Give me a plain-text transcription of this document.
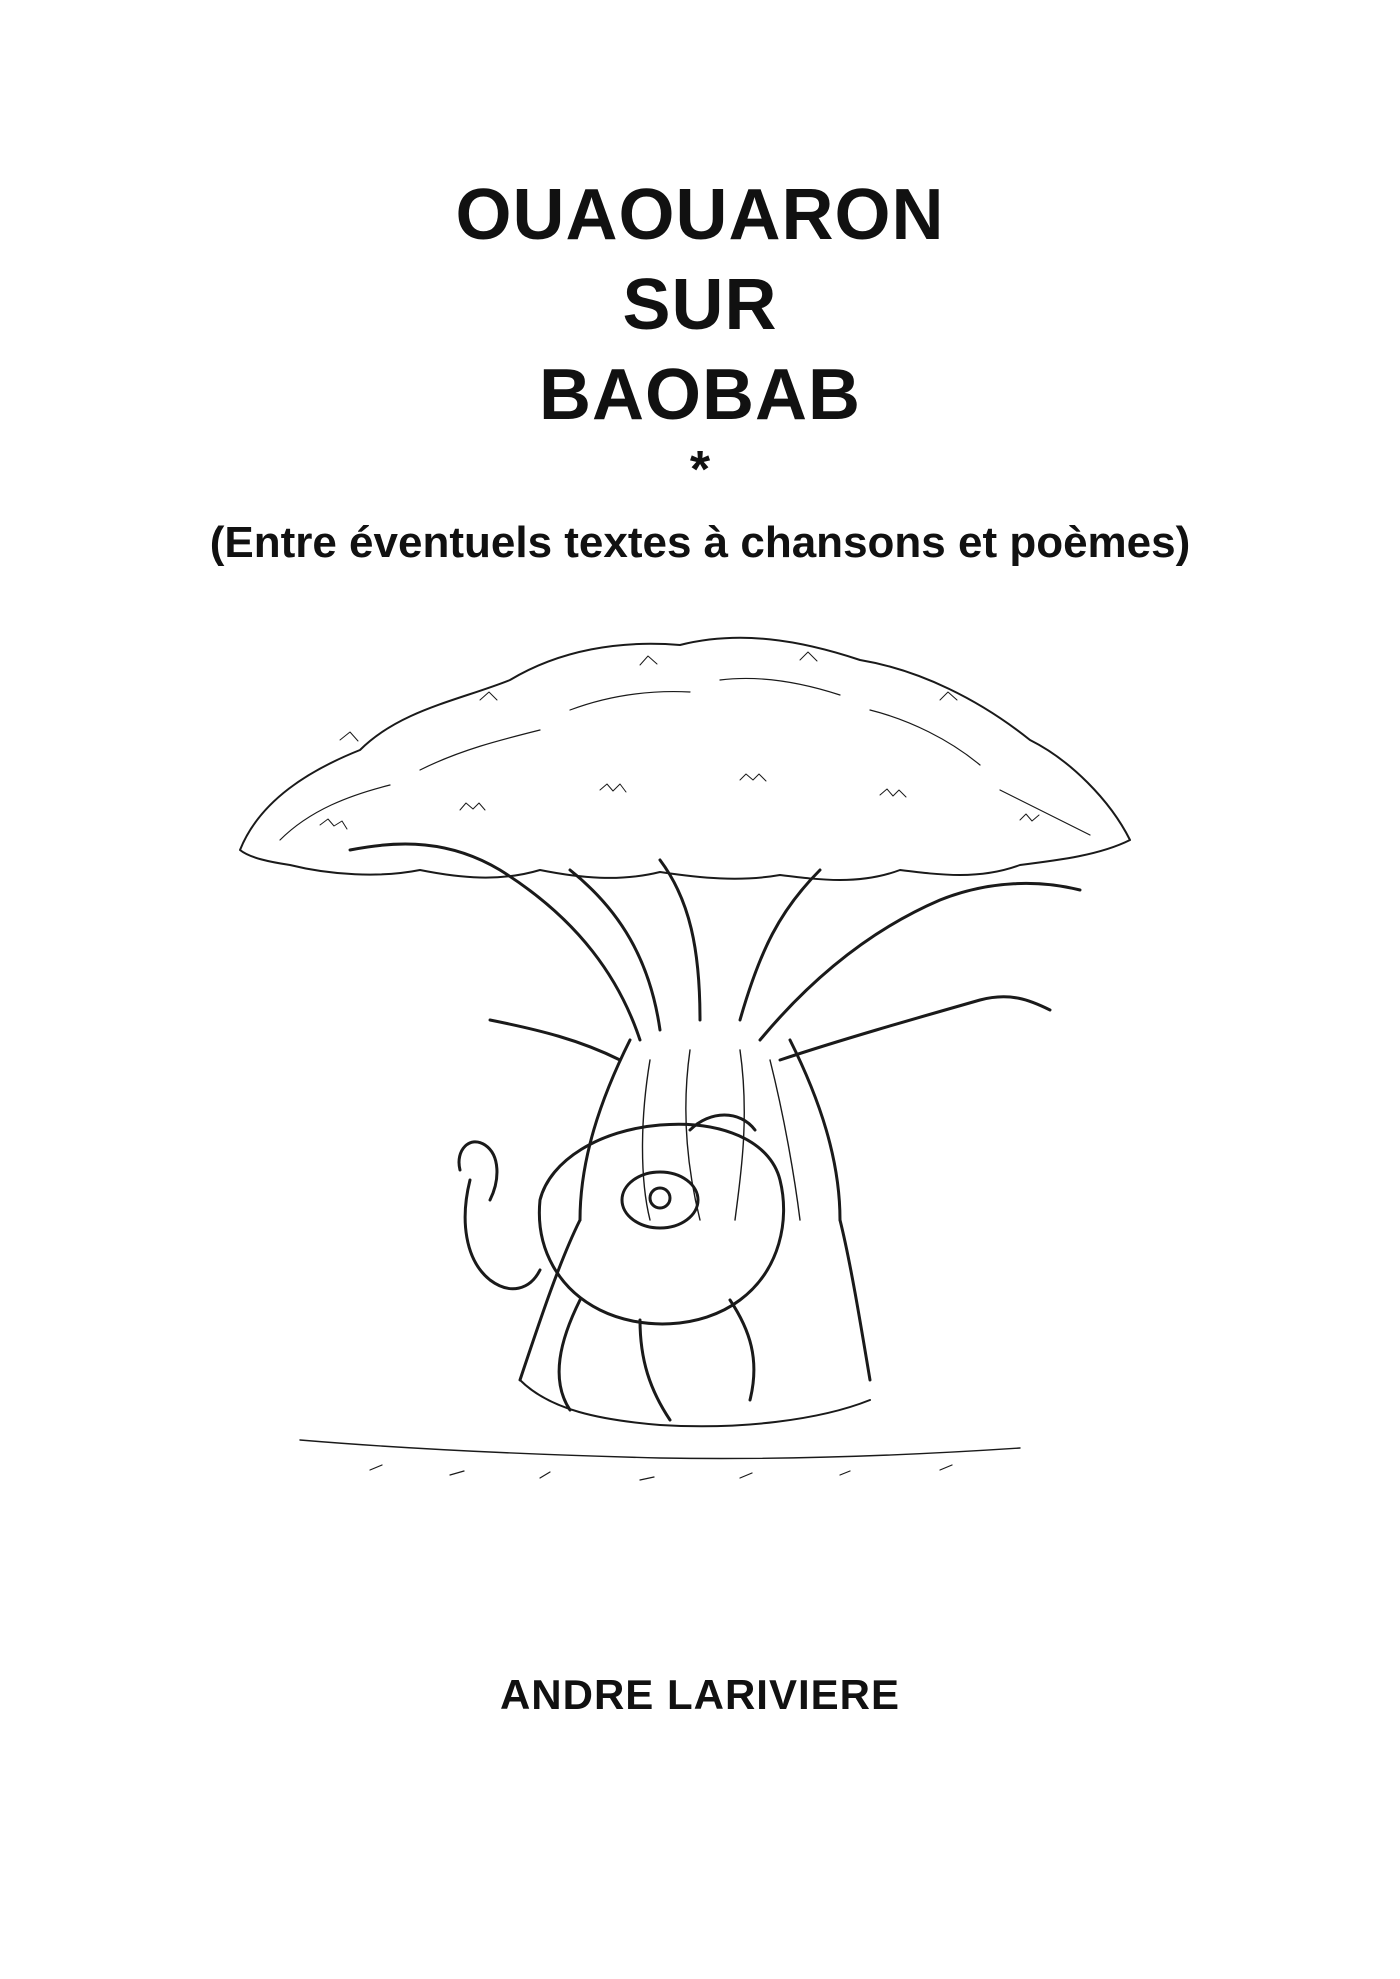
OUAOUARON
SUR
BAOBAB
*
(Entre éventuels textes à chansons et poèmes)
ANDRE LARIVIERE
